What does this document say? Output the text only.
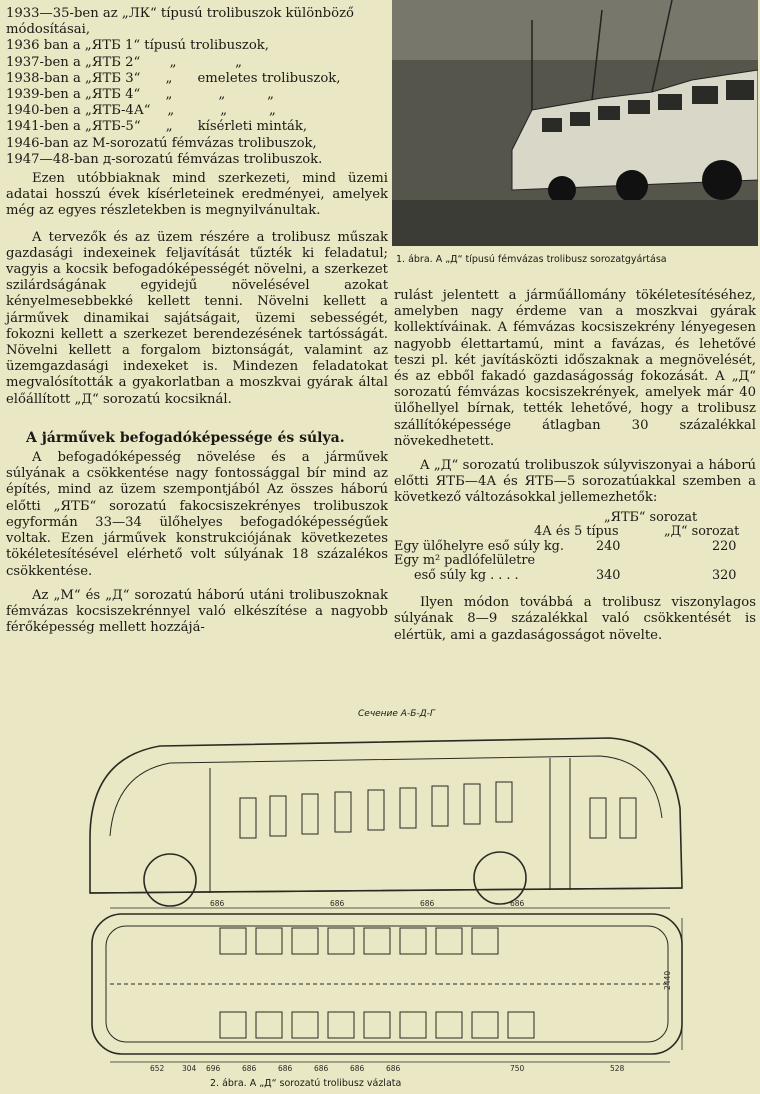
1933—35-ben az „ЛК“ típusú trolibuszok különböző
módosításai,
1936 ban a „ЯТБ 1“ típusú trolibuszok,
1937-ben a „ЯТБ 2“       „              „
1938-ban a „ЯТБ 3“      „      emeletes trolibuszok,
1939-ben a „ЯТБ 4“      „           „          „
1940-ben a „ЯТБ-4А“    „           „          „
1941-ben a „ЯТБ-5“      „      kísérleti minták,
1946-ban az M-sorozatú fémvázas trolibuszok,
1947—48-ban д-sorozatú fémvázas trolibuszok.

Ezen utóbbiaknak mind szerkezeti, mind üzemi adatai hosszú évek kísérleteinek eredményei, amelyek még az egyes részletekben is megnyilvánultak.

A tervezők és az üzem részére a trolibusz műszak gazdasági indexeinek feljavítását tűzték ki feladatul; vagyis a kocsik befogadóképességét növelni, a szerkezet szilárdságának egyidejű növelésével azokat kényelmesebbekké kellett tenni. Növelni kellett a járművek dinamikai sajátságait, üzemi sebességét, fokozni kellett a szerkezet berendezésének tartósságát. Növelni kellett a forgalom biztonságát, valamint az üzemgazdasági indexeket is. Mindezen feladatokat megvalósították a gyakorlatban a moszkvai gyárak által előállított „Д“ sorozatú kocsiknál.

A járművek befogadóképessége és súlya.

A befogadóképesség növelése és a járművek súlyának a csökkentése nagy fontossággal bír mind az építés, mind az üzem szempontjából Az összes háború előtti „ЯТБ“ sorozatú fakocsiszekrényes trolibuszok egyformán 33—34 ülőhelyes befogadóképességűek voltak. Ezen járművek konstrukciójának következetes tökéletesítésével elérhető volt súlyának 18 százalékos csökkentése.

Az „M“ és „Д“ sorozatú háború utáni trolibuszoknak fémvázas kocsiszekrénnyel való elkészítése a nagyobb férőképesség mellett hozzájá-

1. ábra. A „Д“ típusú fémvázas trolibusz sorozatgyártása

rulást jelentett a járműállomány tökéletesítéséhez, amelyben nagy érdeme van a moszkvai gyárak kollektíváinak. A fémvázas kocsiszekrény lényegesen nagyobb élettartamú, mint a favázas, és lehetővé teszi pl. két javításközti időszaknak a megnövelését, és az ebből fakadó gazdaságosság fokozását. A „Д“ sorozatú fémvázas kocsiszekrények, amelyek már 40 ülőhellyel bírnak, tették lehetővé, hogy a trolibusz szállítóképessége átlagban 30 százalékkal növekedhetett.

A „Д“ sorozatú trolibuszok súlyviszonyai a háború előtti ЯТБ—4А és ЯТБ—5 sorozatúakkal szemben a következő változásokkal jellemezhetők:

„ЯТБ“ sorozat
4А és 5 típus	„Д“ sorozat
Egy ülőhelyre eső súly kg.	240	220
Egy m² padlófelületre
eső súly kg . . . .	340	320

Ilyen módon továbbá a trolibusz viszonylagos súlyának 8—9 százalékkal való csökkentését is elértük, ami a gazdaságosságot növelte.

Сечение А-Б-Д-Г
686	686	686	686
652 304 696	686	686	686	686	686	750	528
2440
2. ábra. A „Д“ sorozatú trolibusz vázlata
